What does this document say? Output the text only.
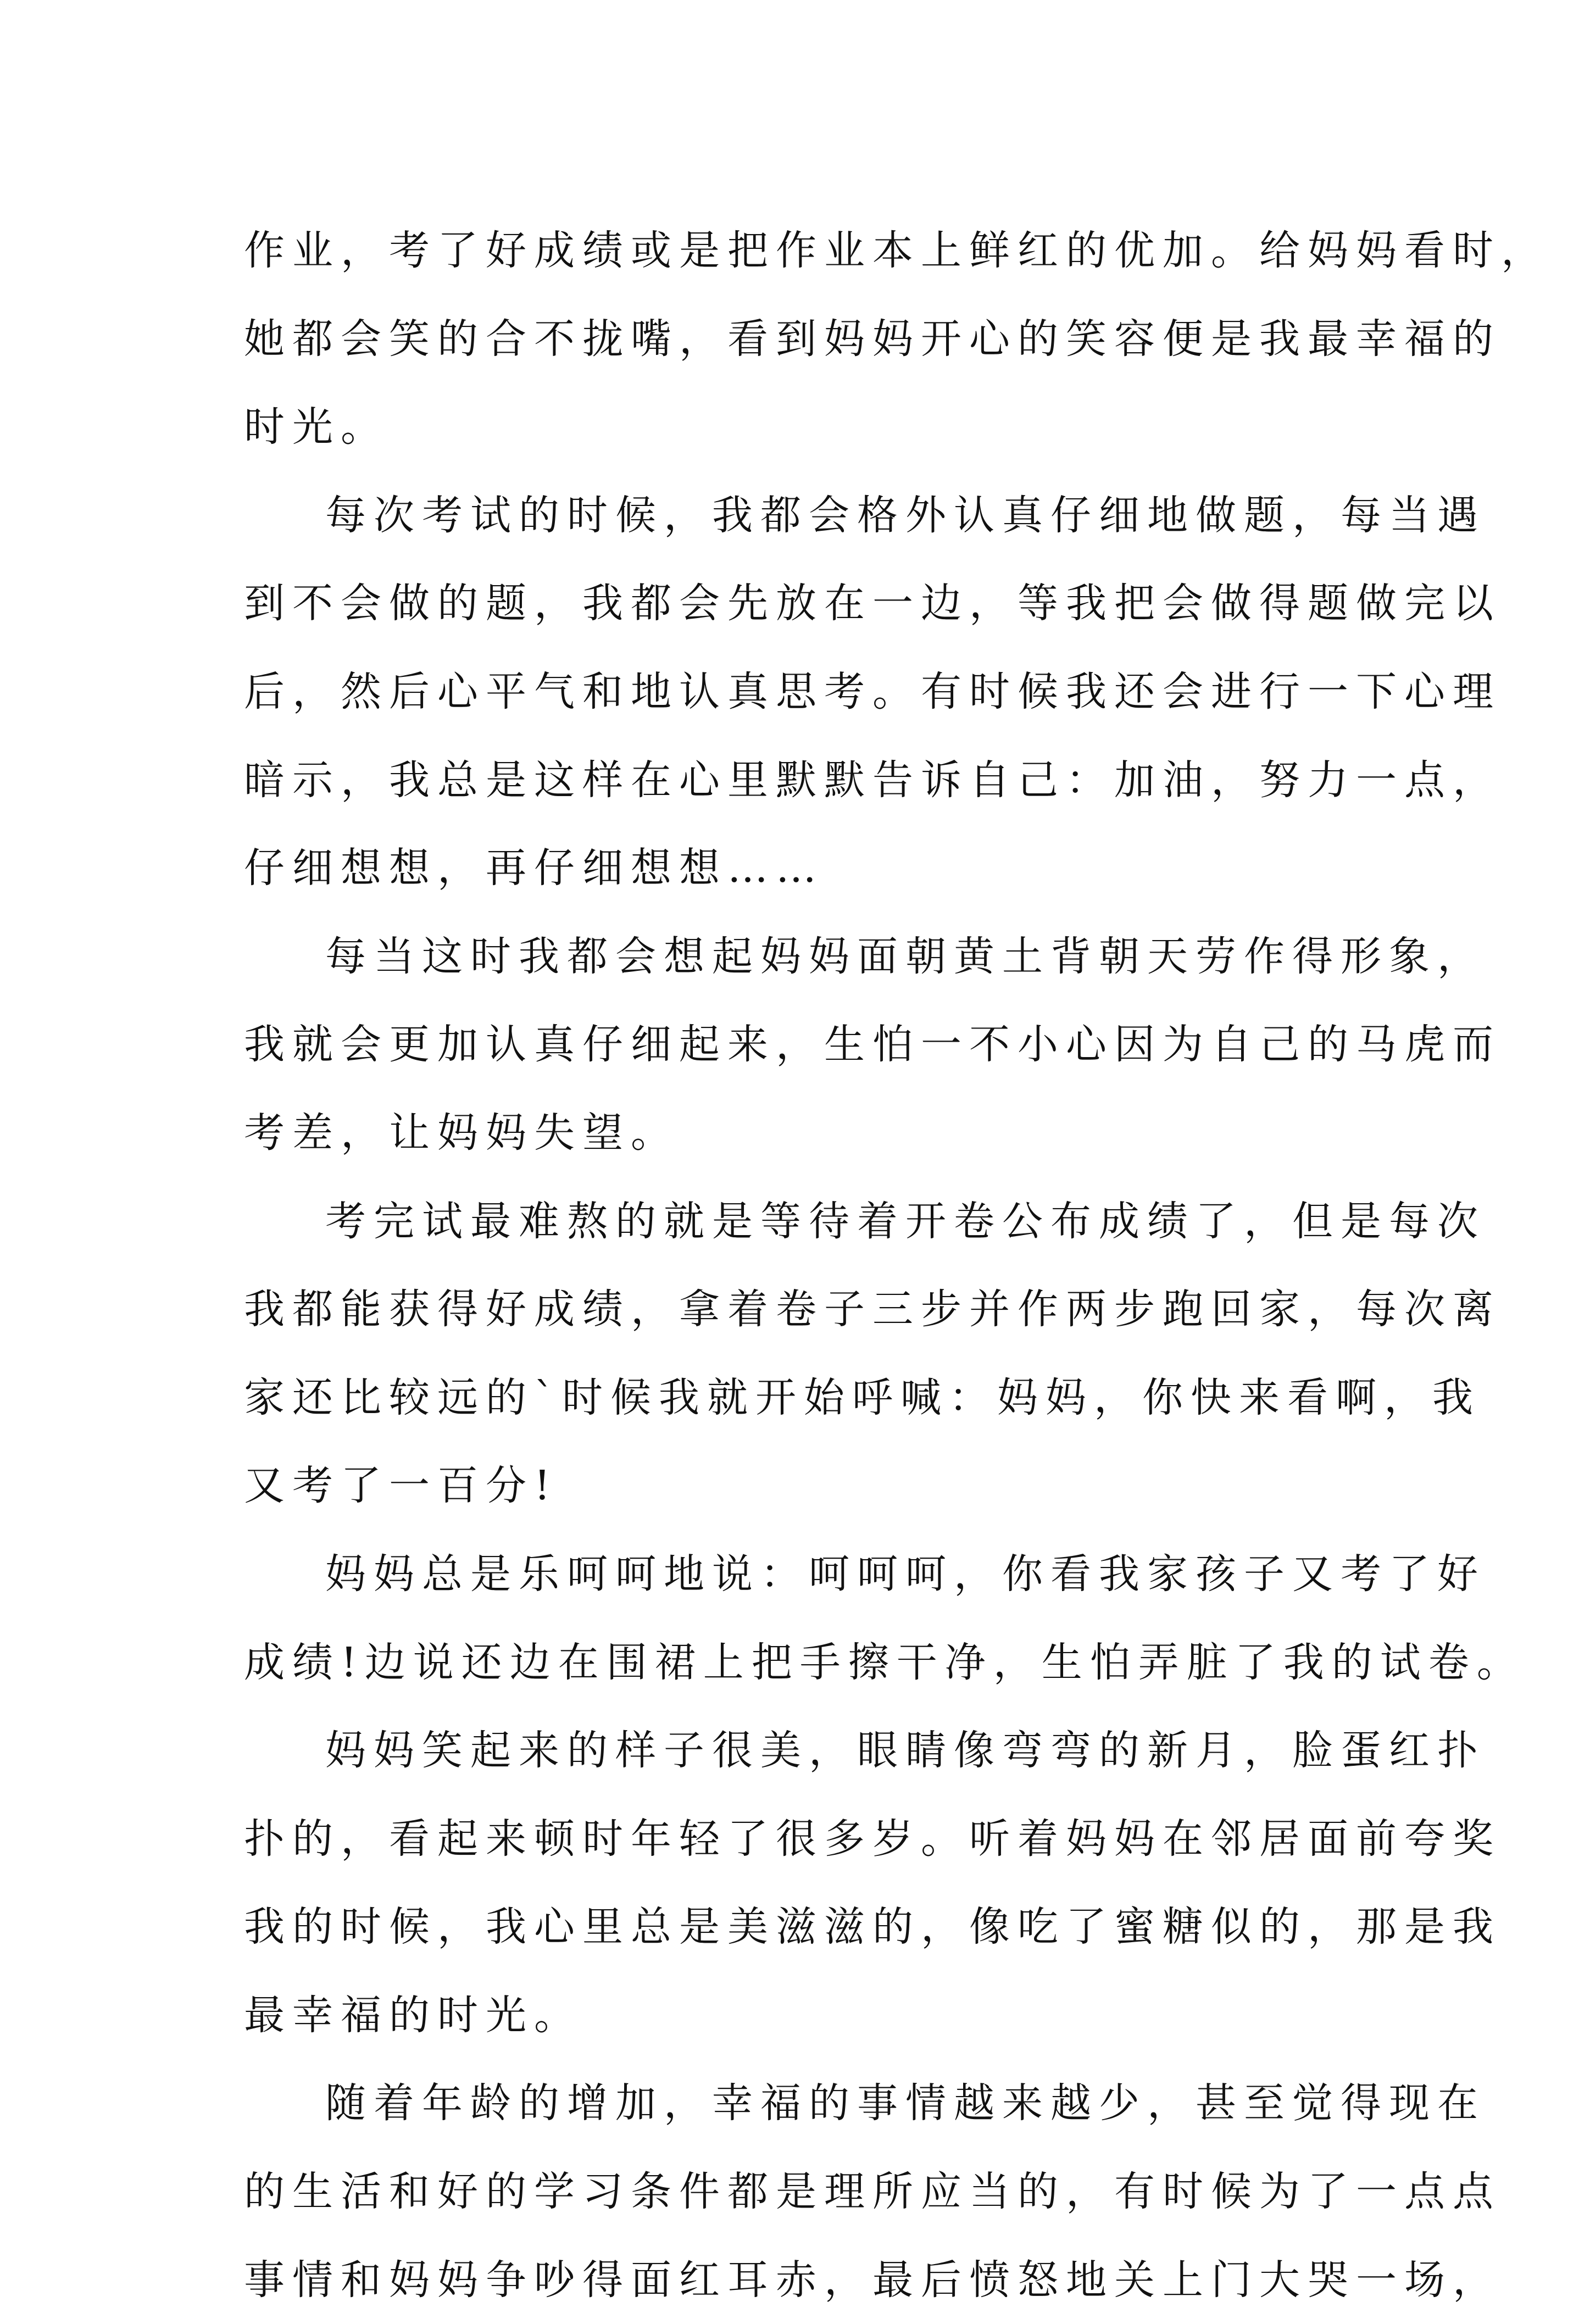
作业，考了好成绩或是把作业本上鲜红的优加。给妈妈看时，
她都会笑的合不拢嘴，看到妈妈开心的笑容便是我最幸福的
时光。
每次考试的时候，我都会格外认真仔细地做题，每当遇
到不会做的题，我都会先放在一边，等我把会做得题做完以
后，然后心平气和地认真思考。有时候我还会进行一下心理
暗示，我总是这样在心里默默告诉自己：加油，努力一点，
仔细想想，再仔细想想……
每当这时我都会想起妈妈面朝黄土背朝天劳作得形象，
我就会更加认真仔细起来，生怕一不小心因为自己的马虎而
考差，让妈妈失望。
考完试最难熬的就是等待着开卷公布成绩了，但是每次
我都能获得好成绩，拿着卷子三步并作两步跑回家，每次离
家还比较远的`时候我就开始呼喊：妈妈，你快来看啊，我
又考了一百分!
妈妈总是乐呵呵地说：呵呵呵，你看我家孩子又考了好
成绩!边说还边在围裙上把手擦干净，生怕弄脏了我的试卷。
妈妈笑起来的样子很美，眼睛像弯弯的新月，脸蛋红扑
扑的，看起来顿时年轻了很多岁。听着妈妈在邻居面前夸奖
我的时候，我心里总是美滋滋的，像吃了蜜糖似的，那是我
最幸福的时光。
随着年龄的增加，幸福的事情越来越少，甚至觉得现在
的生活和好的学习条件都是理所应当的，有时候为了一点点
事情和妈妈争吵得面红耳赤，最后愤怒地关上门大哭一场，
